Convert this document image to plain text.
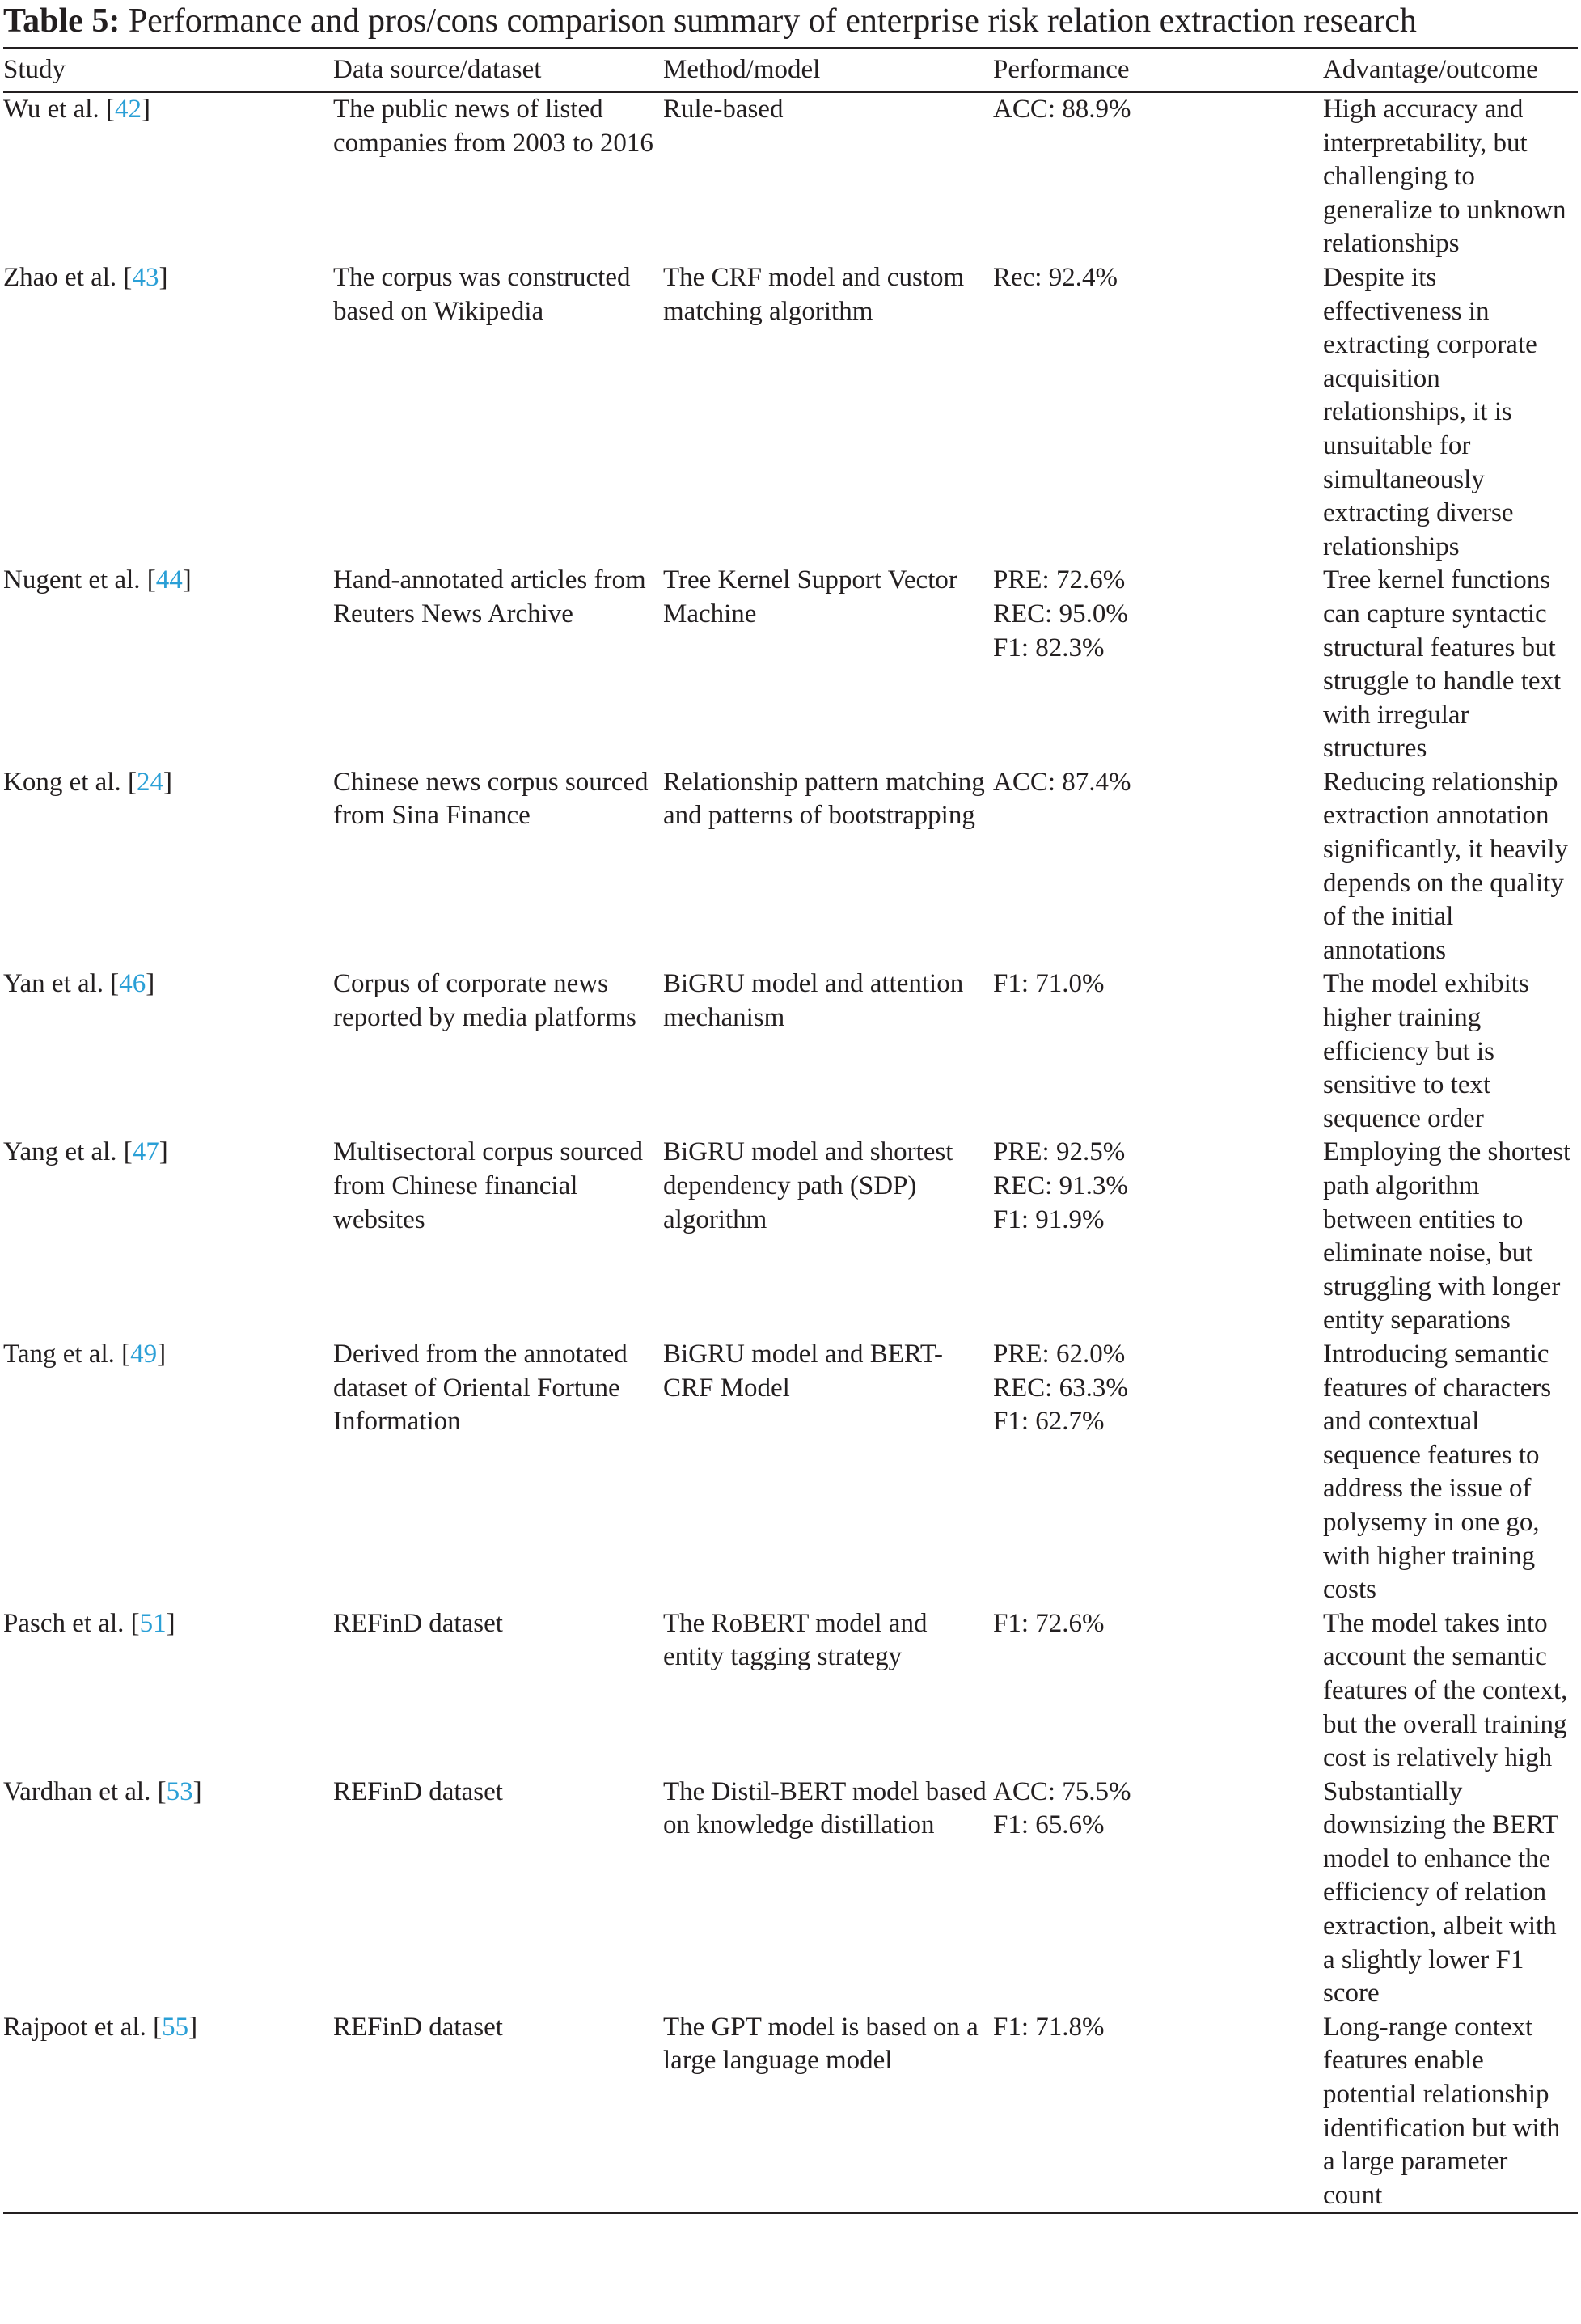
Table 5: Performance and pros/cons comparison summary of enterprise risk relation extraction research

Study	Data source/dataset	Method/model	Performance	Advantage/outcome

Wu et al. [42]	The public news of listed companies from 2003 to 2016	Rule-based	ACC: 88.9%	High accuracy and interpretability, but challenging to generalize to unknown relationships

Zhao et al. [43]	The corpus was constructed based on Wikipedia	The CRF model and custom matching algorithm	Rec: 92.4%	Despite its effectiveness in extracting corporate acquisition relationships, it is unsuitable for simultaneously extracting diverse relationships

Nugent et al. [44]	Hand-annotated articles from Reuters News Archive	Tree Kernel Support Vector Machine	PRE: 72.6%
REC: 95.0%
F1: 82.3%	Tree kernel functions can capture syntactic structural features but struggle to handle text with irregular structures

Kong et al. [24]	Chinese news corpus sourced from Sina Finance	Relationship pattern matching and patterns of bootstrapping	ACC: 87.4%	Reducing relationship extraction annotation significantly, it heavily depends on the quality of the initial annotations

Yan et al. [46]	Corpus of corporate news reported by media platforms	BiGRU model and attention mechanism	F1: 71.0%	The model exhibits higher training efficiency but is sensitive to text sequence order

Yang et al. [47]	Multisectoral corpus sourced from Chinese financial websites	BiGRU model and shortest dependency path (SDP) algorithm	PRE: 92.5%
REC: 91.3%
F1: 91.9%	Employing the shortest path algorithm between entities to eliminate noise, but struggling with longer entity separations

Tang et al. [49]	Derived from the annotated dataset of Oriental Fortune Information	BiGRU model and BERT-CRF Model	PRE: 62.0%
REC: 63.3%
F1: 62.7%	Introducing semantic features of characters and contextual sequence features to address the issue of polysemy in one go, with higher training costs

Pasch et al. [51]	REFinD dataset	The RoBERT model and entity tagging strategy	F1: 72.6%	The model takes into account the semantic features of the context, but the overall training cost is relatively high

Vardhan et al. [53]	REFinD dataset	The Distil-BERT model based on knowledge distillation	ACC: 75.5%
F1: 65.6%	Substantially downsizing the BERT model to enhance the efficiency of relation extraction, albeit with a slightly lower F1 score

Rajpoot et al. [55]	REFinD dataset	The GPT model is based on a large language model	F1: 71.8%	Long-range context features enable potential relationship identification but with a large parameter count
